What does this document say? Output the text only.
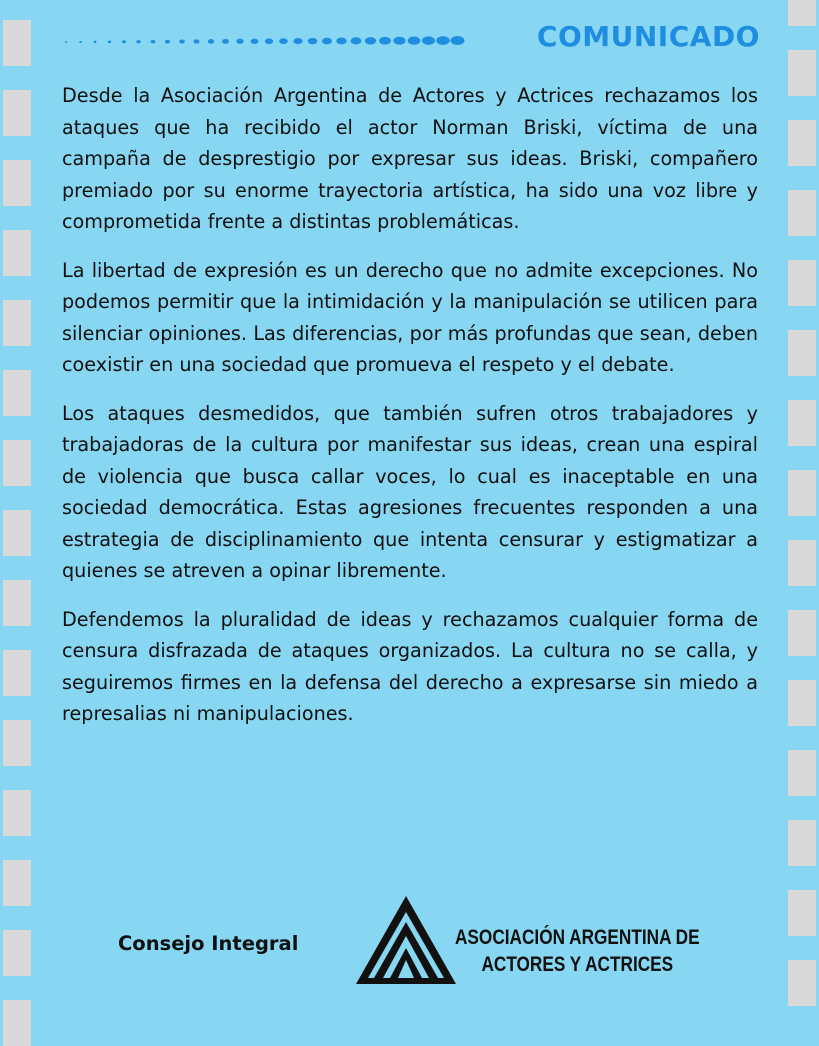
COMUNICADO

Desde la Asociación Argentina de Actores y Actrices rechazamos los ataques que ha recibido el actor Norman Briski, víctima de una campaña de desprestigio por expresar sus ideas. Briski, compañero premiado por su enorme trayectoria artística, ha sido una voz libre y comprometida frente a distintas problemáticas.

La libertad de expresión es un derecho que no admite excepciones. No podemos permitir que la intimidación y la manipulación se utilicen para silenciar opiniones. Las diferencias, por más profundas que sean, deben coexistir en una sociedad que promueva el respeto y el debate.

Los ataques desmedidos, que también sufren otros trabajadores y trabajadoras de la cultura por manifestar sus ideas, crean una espiral de violencia que busca callar voces, lo cual es inaceptable en una sociedad democrática. Estas agresiones frecuentes responden a una estrategia de disciplinamiento que intenta censurar y estigmatizar a quienes se atreven a opinar libremente.

Defendemos la pluralidad de ideas y rechazamos cualquier forma de censura disfrazada de ataques organizados. La cultura no se calla, y seguiremos firmes en la defensa del derecho a expresarse sin miedo a represalias ni manipulaciones.

Consejo Integral	ASOCIACIÓN ARGENTINA DE
ACTORES Y ACTRICES
